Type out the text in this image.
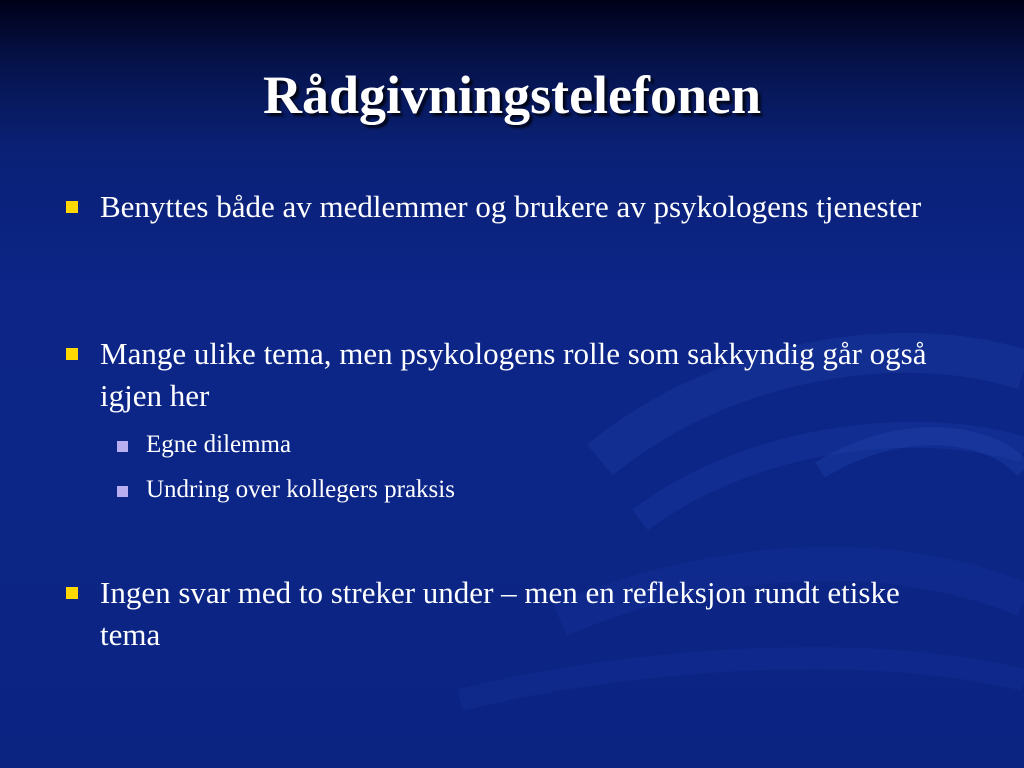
Rådgivningstelefonen
Benyttes både av medlemmer og brukere av psykologens tjenester
Mange ulike tema, men psykologens rolle som sakkyndig går også igjen her
Egne dilemma
Undring over kollegers praksis
Ingen svar med to streker under – men en refleksjon rundt etiske tema
